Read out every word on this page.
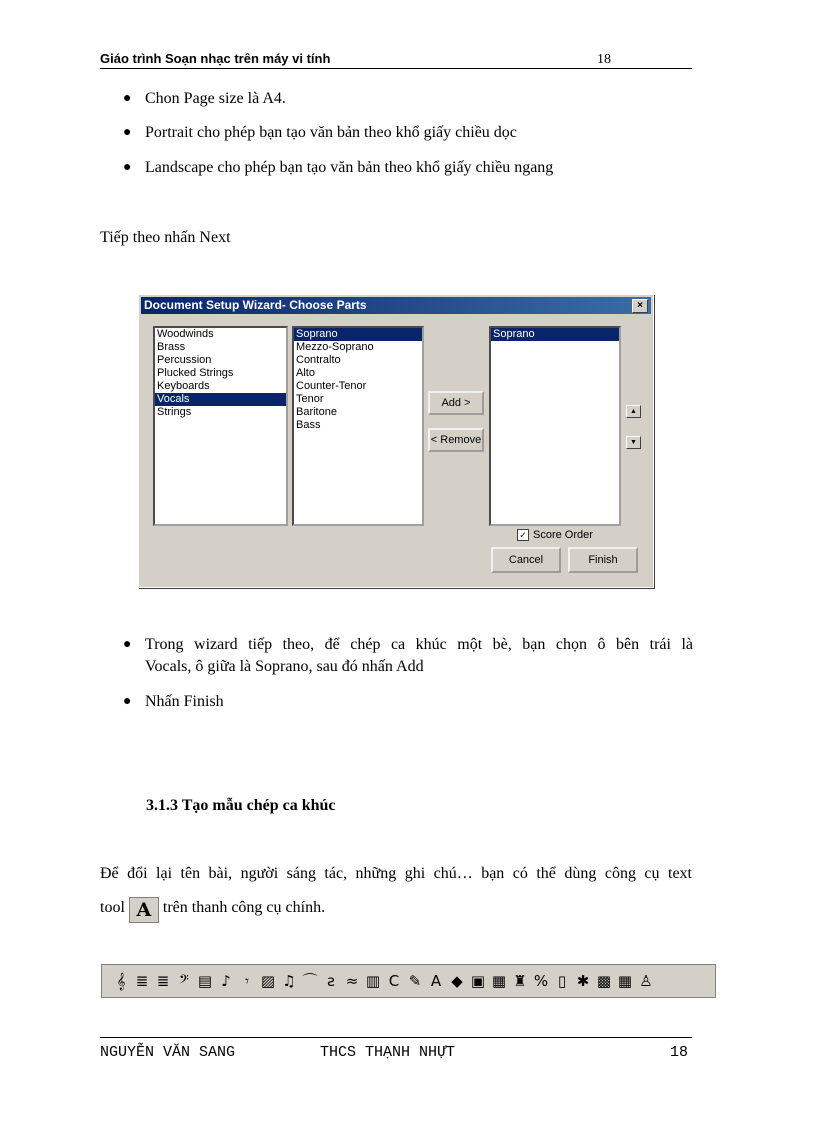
Giáo trình Soạn nhạc trên máy vi tính	18
● Chon Page size là A4.
● Portrait cho phép bạn tạo văn bản theo khổ giấy chiều dọc
● Landscape cho phép bạn tạo văn bản theo khổ giấy chiều ngang
Tiếp theo nhấn Next
Document Setup Wizard- Choose Parts	×
Woodwinds
Brass
Percussion
Plucked Strings
Keyboards
Vocals
Strings
Soprano
Mezzo-Soprano
Contralto
Alto
Counter-Tenor
Tenor
Baritone
Bass
Add >
< Remove
Soprano
▲
▼
✓ Score Order
Cancel	Finish
● Trong wizard tiếp theo, để chép ca khúc một bè, bạn chọn ô bên trái là
Vocals, ô giữa là Soprano, sau đó nhấn Add
● Nhấn Finish
3.1.3 Tạo mẫu chép ca khúc
Để đổi lại tên bài, người sáng tác, những ghi chú… bạn có thể dùng công cụ text
tool A trên thanh công cụ chính.
𝄞 ≣ ≣ 𝄢 ▤ ♪ 𝄾 ▨ ♫ ⌒ ƨ ≈ ▥ C ✎ A ◆ ▣ ▦ ♜ % ▯ ✱ ▩ ▦ ♙
NGUYỄN VĂN SANG	THCS THẠNH NHỰT	18
